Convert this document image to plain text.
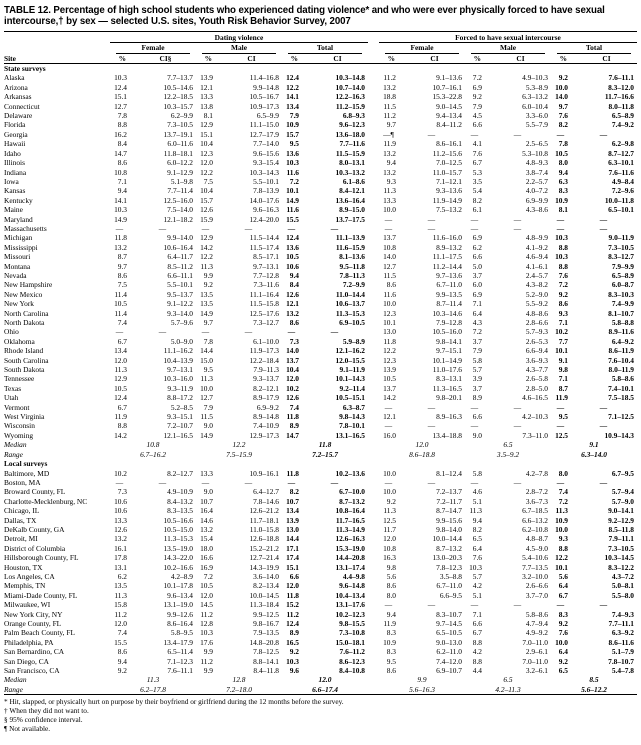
TABLE 12. Percentage of high school students who experienced dating violence* and who were ever physically forced to have sexual intercourse,† by sex — selected U.S. sites, Youth Risk Behavior Survey, 2007
	Dating violence							Forced to have sexual intercourse					

	Female		Male		Total			Female		Male		Total	

Site	%	CI§	%	CI	%	CI		%	CI	%	CI	%	CI
State surveys													
Alaska	10.3	7.7–13.7	13.9	11.4–16.8	12.4	10.3–14.8		11.2	9.1–13.6	7.2	4.9–10.3	9.2	7.6–11.1
Arizona	12.4	10.5–14.6	12.1	9.9–14.8	12.2	10.7–14.0		13.2	10.7–16.1	6.9	5.3–8.9	10.0	8.3–12.0
Arkansas	15.1	12.2–18.5	13.3	10.5–16.7	14.1	12.2–16.3		18.8	15.3–22.8	9.2	6.3–13.2	14.0	11.7–16.6
Connecticut	12.7	10.3–15.7	13.8	10.9–17.3	13.4	11.2–15.9		11.5	9.0–14.5	7.9	6.0–10.4	9.7	8.0–11.8
Delaware	7.8	6.2–9.9	8.1	6.5–9.9	7.9	6.8–9.3		11.2	9.4–13.4	4.5	3.3–6.0	7.6	6.5–8.9
Florida	8.8	7.3–10.5	12.9	11.1–15.0	10.9	9.6–12.3		9.7	8.4–11.2	6.6	5.5–7.9	8.2	7.4–9.2
Georgia	16.2	13.7–19.1	15.1	12.7–17.9	15.7	13.6–18.0		—¶	—	—	—	—	—
Hawaii	8.4	6.0–11.6	10.4	7.7–14.0	9.5	7.7–11.6		11.9	8.6–16.1	4.1	2.5–6.5	7.8	6.2–9.8
Idaho	14.7	11.8–18.1	12.3	9.6–15.6	13.6	11.5–15.9		13.2	11.2–15.6	7.6	5.3–10.8	10.5	8.7–12.7
Illinois	8.6	6.0–12.2	12.0	9.3–15.4	10.3	8.0–13.1		9.4	7.0–12.5	6.7	4.8–9.3	8.0	6.3–10.1
Indiana	10.8	9.1–12.9	12.2	10.3–14.3	11.6	10.3–13.2		13.2	11.0–15.7	5.3	3.8–7.4	9.4	7.6–11.6
Iowa	7.1	5.1–9.8	7.5	5.5–10.1	7.2	6.1–8.6		9.3	7.1–12.1	3.5	2.2–5.7	6.3	4.9–8.4
Kansas	9.4	7.7–11.4	10.4	7.8–13.9	10.1	8.4–12.1		11.3	9.3–13.6	5.4	4.0–7.2	8.3	7.2–9.6
Kentucky	14.1	12.5–16.0	15.7	14.0–17.6	14.9	13.6–16.4		13.3	11.9–14.9	8.2	6.9–9.9	10.9	10.0–11.8
Maine	10.3	7.5–14.0	12.6	9.6–16.3	11.6	8.9–15.0		10.0	7.5–13.2	6.1	4.3–8.6	8.1	6.5–10.1
Maryland	14.9	12.1–18.2	15.9	12.4–20.0	15.5	13.7–17.5		—	—	—	—	—	—
Massachusetts	—	—	—	—	—	—		—	—	—	—	—	—
Michigan	11.8	9.9–14.0	12.9	11.5–14.4	12.4	11.1–13.9		13.7	11.6–16.0	6.9	4.8–9.9	10.3	9.0–11.9
Mississippi	13.2	10.6–16.4	14.2	11.5–17.4	13.6	11.6–15.9		10.8	8.9–13.2	6.2	4.1–9.2	8.8	7.3–10.5
Missouri	8.7	6.4–11.7	12.2	8.5–17.1	10.5	8.1–13.6		14.0	11.1–17.5	6.6	4.6–9.4	10.3	8.3–12.7
Montana	9.7	8.5–11.2	11.3	9.7–13.1	10.6	9.5–11.8		12.7	11.2–14.4	5.0	4.1–6.1	8.8	7.9–9.9
Nevada	8.6	6.6–11.1	9.9	7.7–12.8	9.4	7.8–11.3		11.5	9.7–13.6	3.7	2.4–5.7	7.6	6.5–8.9
New Hampshire	7.5	5.5–10.1	9.2	7.3–11.6	8.4	7.2–9.9		8.6	6.7–11.0	6.0	4.3–8.2	7.2	6.0–8.7
New Mexico	11.4	9.5–13.7	13.5	11.1–16.4	12.6	11.0–14.4		11.6	9.9–13.5	6.9	5.2–9.0	9.2	8.3–10.3
New York	10.5	9.1–12.2	13.5	11.5–15.8	12.1	10.6–13.7		10.0	8.7–11.4	7.1	5.5–9.2	8.6	7.4–9.9
North Carolina	11.4	9.3–14.0	14.9	12.5–17.6	13.2	11.3–15.3		12.3	10.3–14.6	6.4	4.8–8.6	9.3	8.1–10.7
North Dakota	7.4	5.7–9.6	9.7	7.3–12.7	8.6	6.9–10.5		10.1	7.9–12.8	4.3	2.8–6.6	7.1	5.8–8.8
Ohio	—	—	—	—	—	—		13.0	10.5–16.0	7.2	5.7–9.3	10.2	8.9–11.6
Oklahoma	6.7	5.0–9.0	7.8	6.1–10.0	7.3	5.9–8.9		11.8	9.8–14.1	3.7	2.6–5.3	7.7	6.4–9.2
Rhode Island	13.4	11.1–16.2	14.4	11.9–17.3	14.0	12.1–16.2		12.2	9.7–15.1	7.9	6.6–9.4	10.1	8.6–11.9
South Carolina	12.0	10.4–13.9	15.0	12.2–18.4	13.7	12.0–15.5		12.3	10.1–14.9	5.8	3.6–9.3	9.1	7.6–10.4
South Dakota	11.3	9.7–13.1	9.5	7.9–11.3	10.4	9.1–11.9		13.9	11.0–17.6	5.7	4.3–7.7	9.8	8.0–11.9
Tennessee	12.9	10.3–16.0	11.3	9.3–13.7	12.0	10.1–14.3		10.5	8.3–13.1	3.9	2.6–5.8	7.1	5.8–8.6
Texas	10.5	9.3–11.9	10.0	8.2–12.1	10.2	9.2–11.4		13.7	11.3–16.5	3.7	2.8–5.0	8.7	7.4–10.1
Utah	12.4	8.8–17.2	12.7	8.9–17.9	12.6	10.5–15.1		14.2	9.8–20.1	8.9	4.6–16.5	11.9	7.5–18.5
Vermont	6.7	5.2–8.5	7.9	6.9–9.2	7.4	6.3–8.7		—	—	—	—	—	—
West Virginia	11.9	9.3–15.1	11.5	8.9–14.8	11.8	9.8–14.3		12.1	8.9–16.3	6.6	4.2–10.3	9.5	7.1–12.5
Wisconsin	8.8	7.2–10.7	9.0	7.4–10.9	8.9	7.8–10.1		—	—	—	—	—	—
Wyoming	14.2	12.1–16.5	14.9	12.9–17.3	14.7	13.1–16.5		16.0	13.4–18.8	9.0	7.3–11.0	12.5	10.9–14.3
Median	10.8		12.2		11.8			12.0		6.5		9.1	
Range	6.7–16.2		7.5–15.9		7.2–15.7			8.6–18.8		3.5–9.2		6.3–14.0	
Local surveys													
Baltimore, MD	10.2	8.2–12.7	13.3	10.9–16.1	11.8	10.2–13.6		10.0	8.1–12.4	5.8	4.2–7.8	8.0	6.7–9.5
Boston, MA	—	—	—	—	—	—		—	—	—	—	—	—
Broward County, FL	7.3	4.9–10.9	9.0	6.4–12.7	8.2	6.7–10.0		10.0	7.2–13.7	4.6	2.8–7.2	7.4	5.7–9.4
Charlotte-Mecklenburg, NC	10.6	8.4–13.2	10.7	7.8–14.6	10.7	8.7–13.2		9.2	7.2–11.7	5.1	3.6–7.3	7.2	5.7–9.0
Chicago, IL	10.6	8.3–13.5	16.4	12.6–21.2	13.4	10.8–16.4		11.3	8.7–14.7	11.3	6.7–18.5	11.3	9.0–14.1
Dallas, TX	13.3	10.5–16.6	14.6	11.7–18.1	13.9	11.7–16.5		12.5	9.9–15.6	9.4	6.6–13.2	10.9	9.2–12.9
DeKalb County, GA	12.6	10.5–15.0	13.2	11.0–15.8	13.0	11.3–14.9		11.7	9.8–14.0	8.2	6.2–10.8	10.0	8.5–11.8
Detroit, MI	13.2	11.3–15.3	15.4	12.6–18.8	14.4	12.6–16.3		12.0	10.0–14.4	6.5	4.8–8.7	9.3	7.9–11.1
District of Columbia	16.1	13.5–19.0	18.0	15.2–21.2	17.1	15.3–19.0		10.8	8.7–13.2	6.4	4.5–9.0	8.8	7.3–10.5
Hillsborough County, FL	17.8	14.3–22.0	16.6	12.7–21.4	17.4	14.4–20.8		16.3	13.0–20.3	7.6	5.4–10.6	12.2	10.3–14.5
Houston, TX	13.1	10.2–16.6	16.9	14.3–19.9	15.1	13.1–17.4		9.8	7.8–12.3	10.3	7.7–13.5	10.1	8.3–12.2
Los Angeles, CA	6.2	4.2–8.9	7.2	3.6–14.0	6.6	4.4–9.8		5.6	3.5–8.8	5.7	3.2–10.0	5.6	4.3–7.2
Memphis, TN	13.5	10.1–17.8	10.5	8.2–13.4	12.0	9.6–14.8		8.6	6.7–11.0	4.2	2.6–6.6	6.4	5.0–8.1
Miami-Dade County, FL	11.3	9.6–13.4	12.0	10.0–14.5	11.8	10.4–13.4		8.0	6.6–9.5	5.1	3.7–7.0	6.7	5.5–8.0
Milwaukee, WI	15.8	13.1–19.0	14.5	11.3–18.4	15.2	13.1–17.6		—	—	—	—	—	—
New York City, NY	11.2	9.9–12.6	11.2	9.9–12.5	11.2	10.2–12.3		9.4	8.3–10.7	7.1	5.8–8.6	8.3	7.4–9.3
Orange County, FL	12.0	8.6–16.4	12.8	9.8–16.7	12.4	9.8–15.5		11.9	9.7–14.5	6.6	4.7–9.4	9.2	7.7–11.1
Palm Beach County, FL	7.4	5.8–9.5	10.3	7.9–13.5	8.9	7.3–10.8		8.3	6.5–10.5	6.7	4.9–9.2	7.6	6.3–9.2
Philadelphia, PA	15.5	13.4–17.9	17.6	14.8–20.8	16.5	15.0–18.1		10.9	9.0–13.0	8.8	7.0–11.0	10.0	8.6–11.6
San Bernardino, CA	8.6	6.5–11.4	9.9	7.8–12.5	9.2	7.6–11.2		8.3	6.2–11.0	4.2	2.9–6.1	6.4	5.1–7.9
San Diego, CA	9.4	7.1–12.3	11.2	8.8–14.1	10.3	8.6–12.3		9.5	7.4–12.0	8.8	7.0–11.0	9.2	7.8–10.7
San Francisco, CA	9.2	7.6–11.1	9.9	8.4–11.8	9.6	8.4–10.8		8.6	6.9–10.7	4.4	3.2–6.1	6.5	5.4–7.8
Median	11.3		12.8		12.0			9.9		6.5		8.5	
Range	6.2–17.8		7.2–18.0		6.6–17.4			5.6–16.3		4.2–11.3		5.6–12.2	
* Hit, slapped, or physically hurt on purpose by their boyfriend or girlfriend during the 12 months before the survey.
† When they did not want to.
§ 95% confidence interval.
¶ Not available.
